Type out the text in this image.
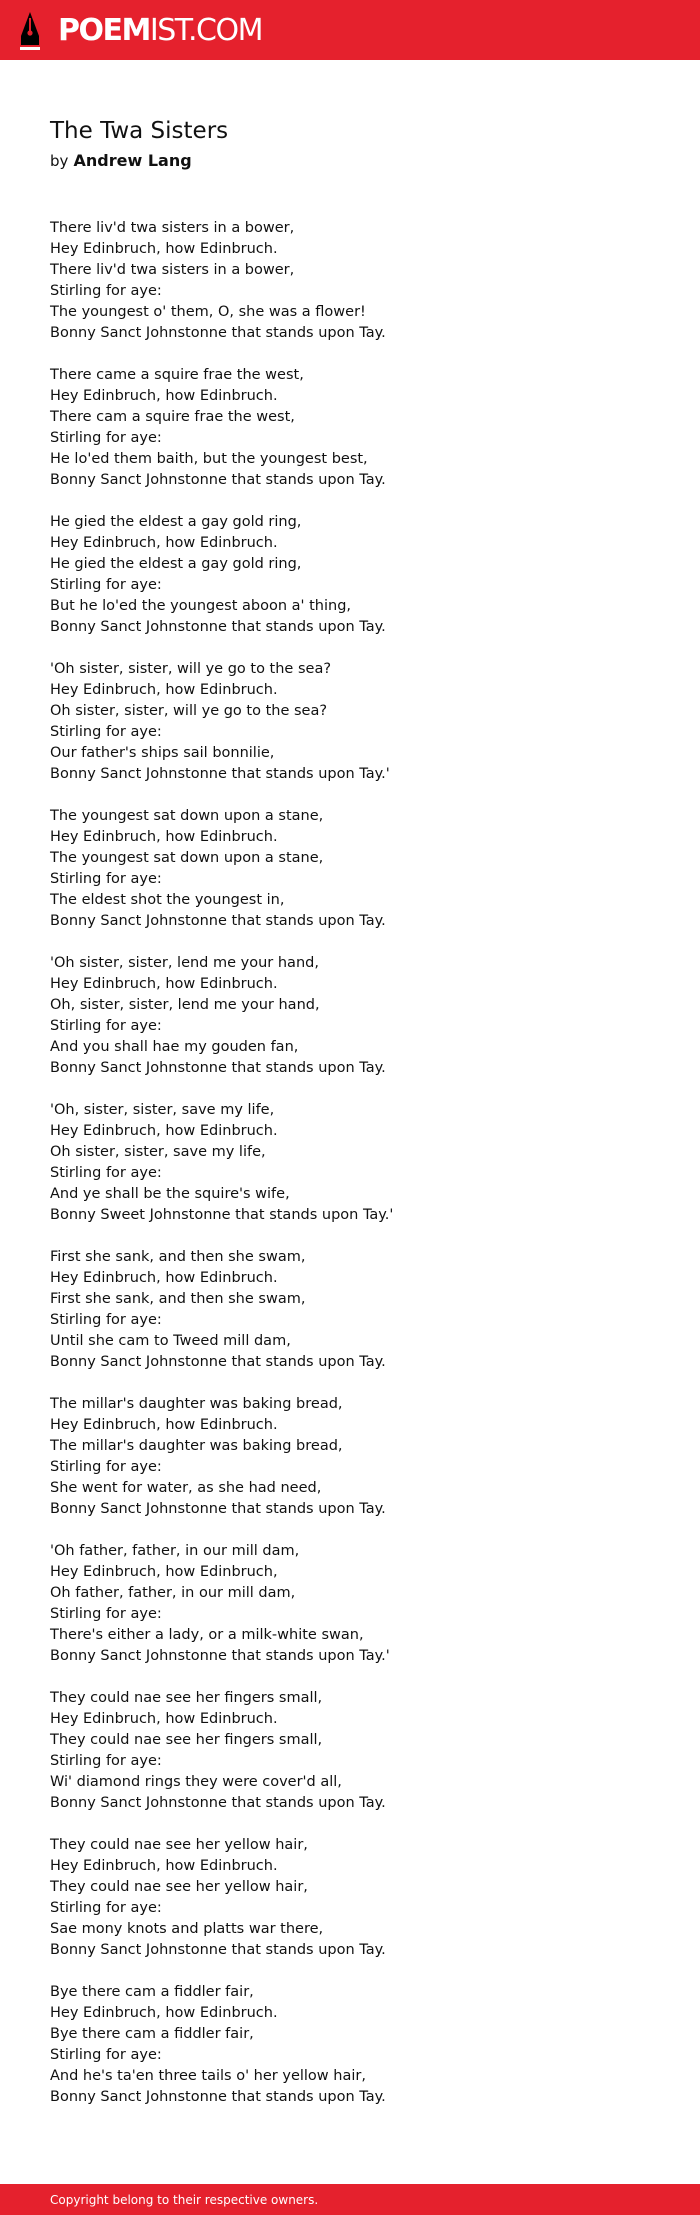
POEMIST.COM
The Twa Sisters

by Andrew Lang

There liv'd twa sisters in a bower,
Hey Edinbruch, how Edinbruch.
There liv'd twa sisters in a bower,
Stirling for aye:
The youngest o' them, O, she was a flower!
Bonny Sanct Johnstonne that stands upon Tay.
There came a squire frae the west,
Hey Edinbruch, how Edinbruch.
There cam a squire frae the west,
Stirling for aye:
He lo'ed them baith, but the youngest best,
Bonny Sanct Johnstonne that stands upon Tay.
He gied the eldest a gay gold ring,
Hey Edinbruch, how Edinbruch.
He gied the eldest a gay gold ring,
Stirling for aye:
But he lo'ed the youngest aboon a' thing,
Bonny Sanct Johnstonne that stands upon Tay.
'Oh sister, sister, will ye go to the sea?
Hey Edinbruch, how Edinbruch.
Oh sister, sister, will ye go to the sea?
Stirling for aye:
Our father's ships sail bonnilie,
Bonny Sanct Johnstonne that stands upon Tay.'
The youngest sat down upon a stane,
Hey Edinbruch, how Edinbruch.
The youngest sat down upon a stane,
Stirling for aye:
The eldest shot the youngest in,
Bonny Sanct Johnstonne that stands upon Tay.
'Oh sister, sister, lend me your hand,
Hey Edinbruch, how Edinbruch.
Oh, sister, sister, lend me your hand,
Stirling for aye:
And you shall hae my gouden fan,
Bonny Sanct Johnstonne that stands upon Tay.
'Oh, sister, sister, save my life,
Hey Edinbruch, how Edinbruch.
Oh sister, sister, save my life,
Stirling for aye:
And ye shall be the squire's wife,
Bonny Sweet Johnstonne that stands upon Tay.'
First she sank, and then she swam,
Hey Edinbruch, how Edinbruch.
First she sank, and then she swam,
Stirling for aye:
Until she cam to Tweed mill dam,
Bonny Sanct Johnstonne that stands upon Tay.
The millar's daughter was baking bread,
Hey Edinbruch, how Edinbruch.
The millar's daughter was baking bread,
Stirling for aye:
She went for water, as she had need,
Bonny Sanct Johnstonne that stands upon Tay.
'Oh father, father, in our mill dam,
Hey Edinbruch, how Edinbruch,
Oh father, father, in our mill dam,
Stirling for aye:
There's either a lady, or a milk-white swan,
Bonny Sanct Johnstonne that stands upon Tay.'
They could nae see her fingers small,
Hey Edinbruch, how Edinbruch.
They could nae see her fingers small,
Stirling for aye:
Wi' diamond rings they were cover'd all,
Bonny Sanct Johnstonne that stands upon Tay.
They could nae see her yellow hair,
Hey Edinbruch, how Edinbruch.
They could nae see her yellow hair,
Stirling for aye:
Sae mony knots and platts war there,
Bonny Sanct Johnstonne that stands upon Tay.
Bye there cam a fiddler fair,
Hey Edinbruch, how Edinbruch.
Bye there cam a fiddler fair,
Stirling for aye:
And he's ta'en three tails o' her yellow hair,
Bonny Sanct Johnstonne that stands upon Tay.
Copyright belong to their respective owners.
